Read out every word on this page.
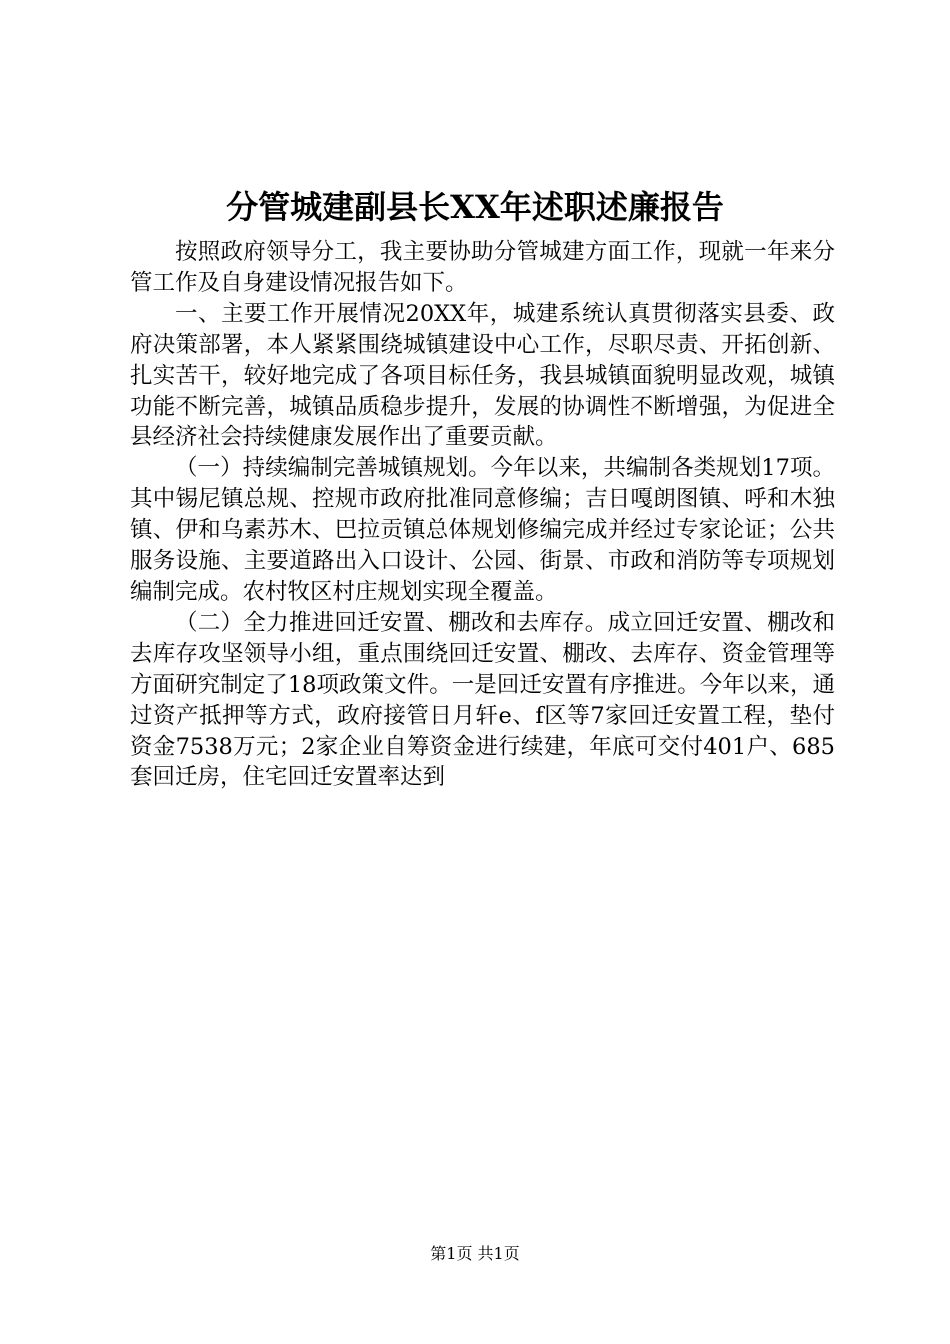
分管城建副县长XX年述职述廉报告

按照政府领导分工，我主要协助分管城建方面工作，现就一年来分管工作及自身建设情况报告如下。

一、主要工作开展情况20XX年，城建系统认真贯彻落实县委、政府决策部署，本人紧紧围绕城镇建设中心工作，尽职尽责、开拓创新、扎实苦干，较好地完成了各项目标任务，我县城镇面貌明显改观，城镇功能不断完善，城镇品质稳步提升，发展的协调性不断增强，为促进全县经济社会持续健康发展作出了重要贡献。

（一）持续编制完善城镇规划。今年以来，共编制各类规划17项。其中锡尼镇总规、控规市政府批准同意修编；吉日嘎朗图镇、呼和木独镇、伊和乌素苏木、巴拉贡镇总体规划修编完成并经过专家论证；公共服务设施、主要道路出入口设计、公园、街景、市政和消防等专项规划编制完成。农村牧区村庄规划实现全覆盖。

（二）全力推进回迁安置、棚改和去库存。成立回迁安置、棚改和去库存攻坚领导小组，重点围绕回迁安置、棚改、去库存、资金管理等方面研究制定了18项政策文件。一是回迁安置有序推进。今年以来，通过资产抵押等方式，政府接管日月轩e、f区等7家回迁安置工程，垫付资金7538万元；2家企业自筹资金进行续建，年底可交付401户、685套回迁房，住宅回迁安置率达到

第1页 共1页
